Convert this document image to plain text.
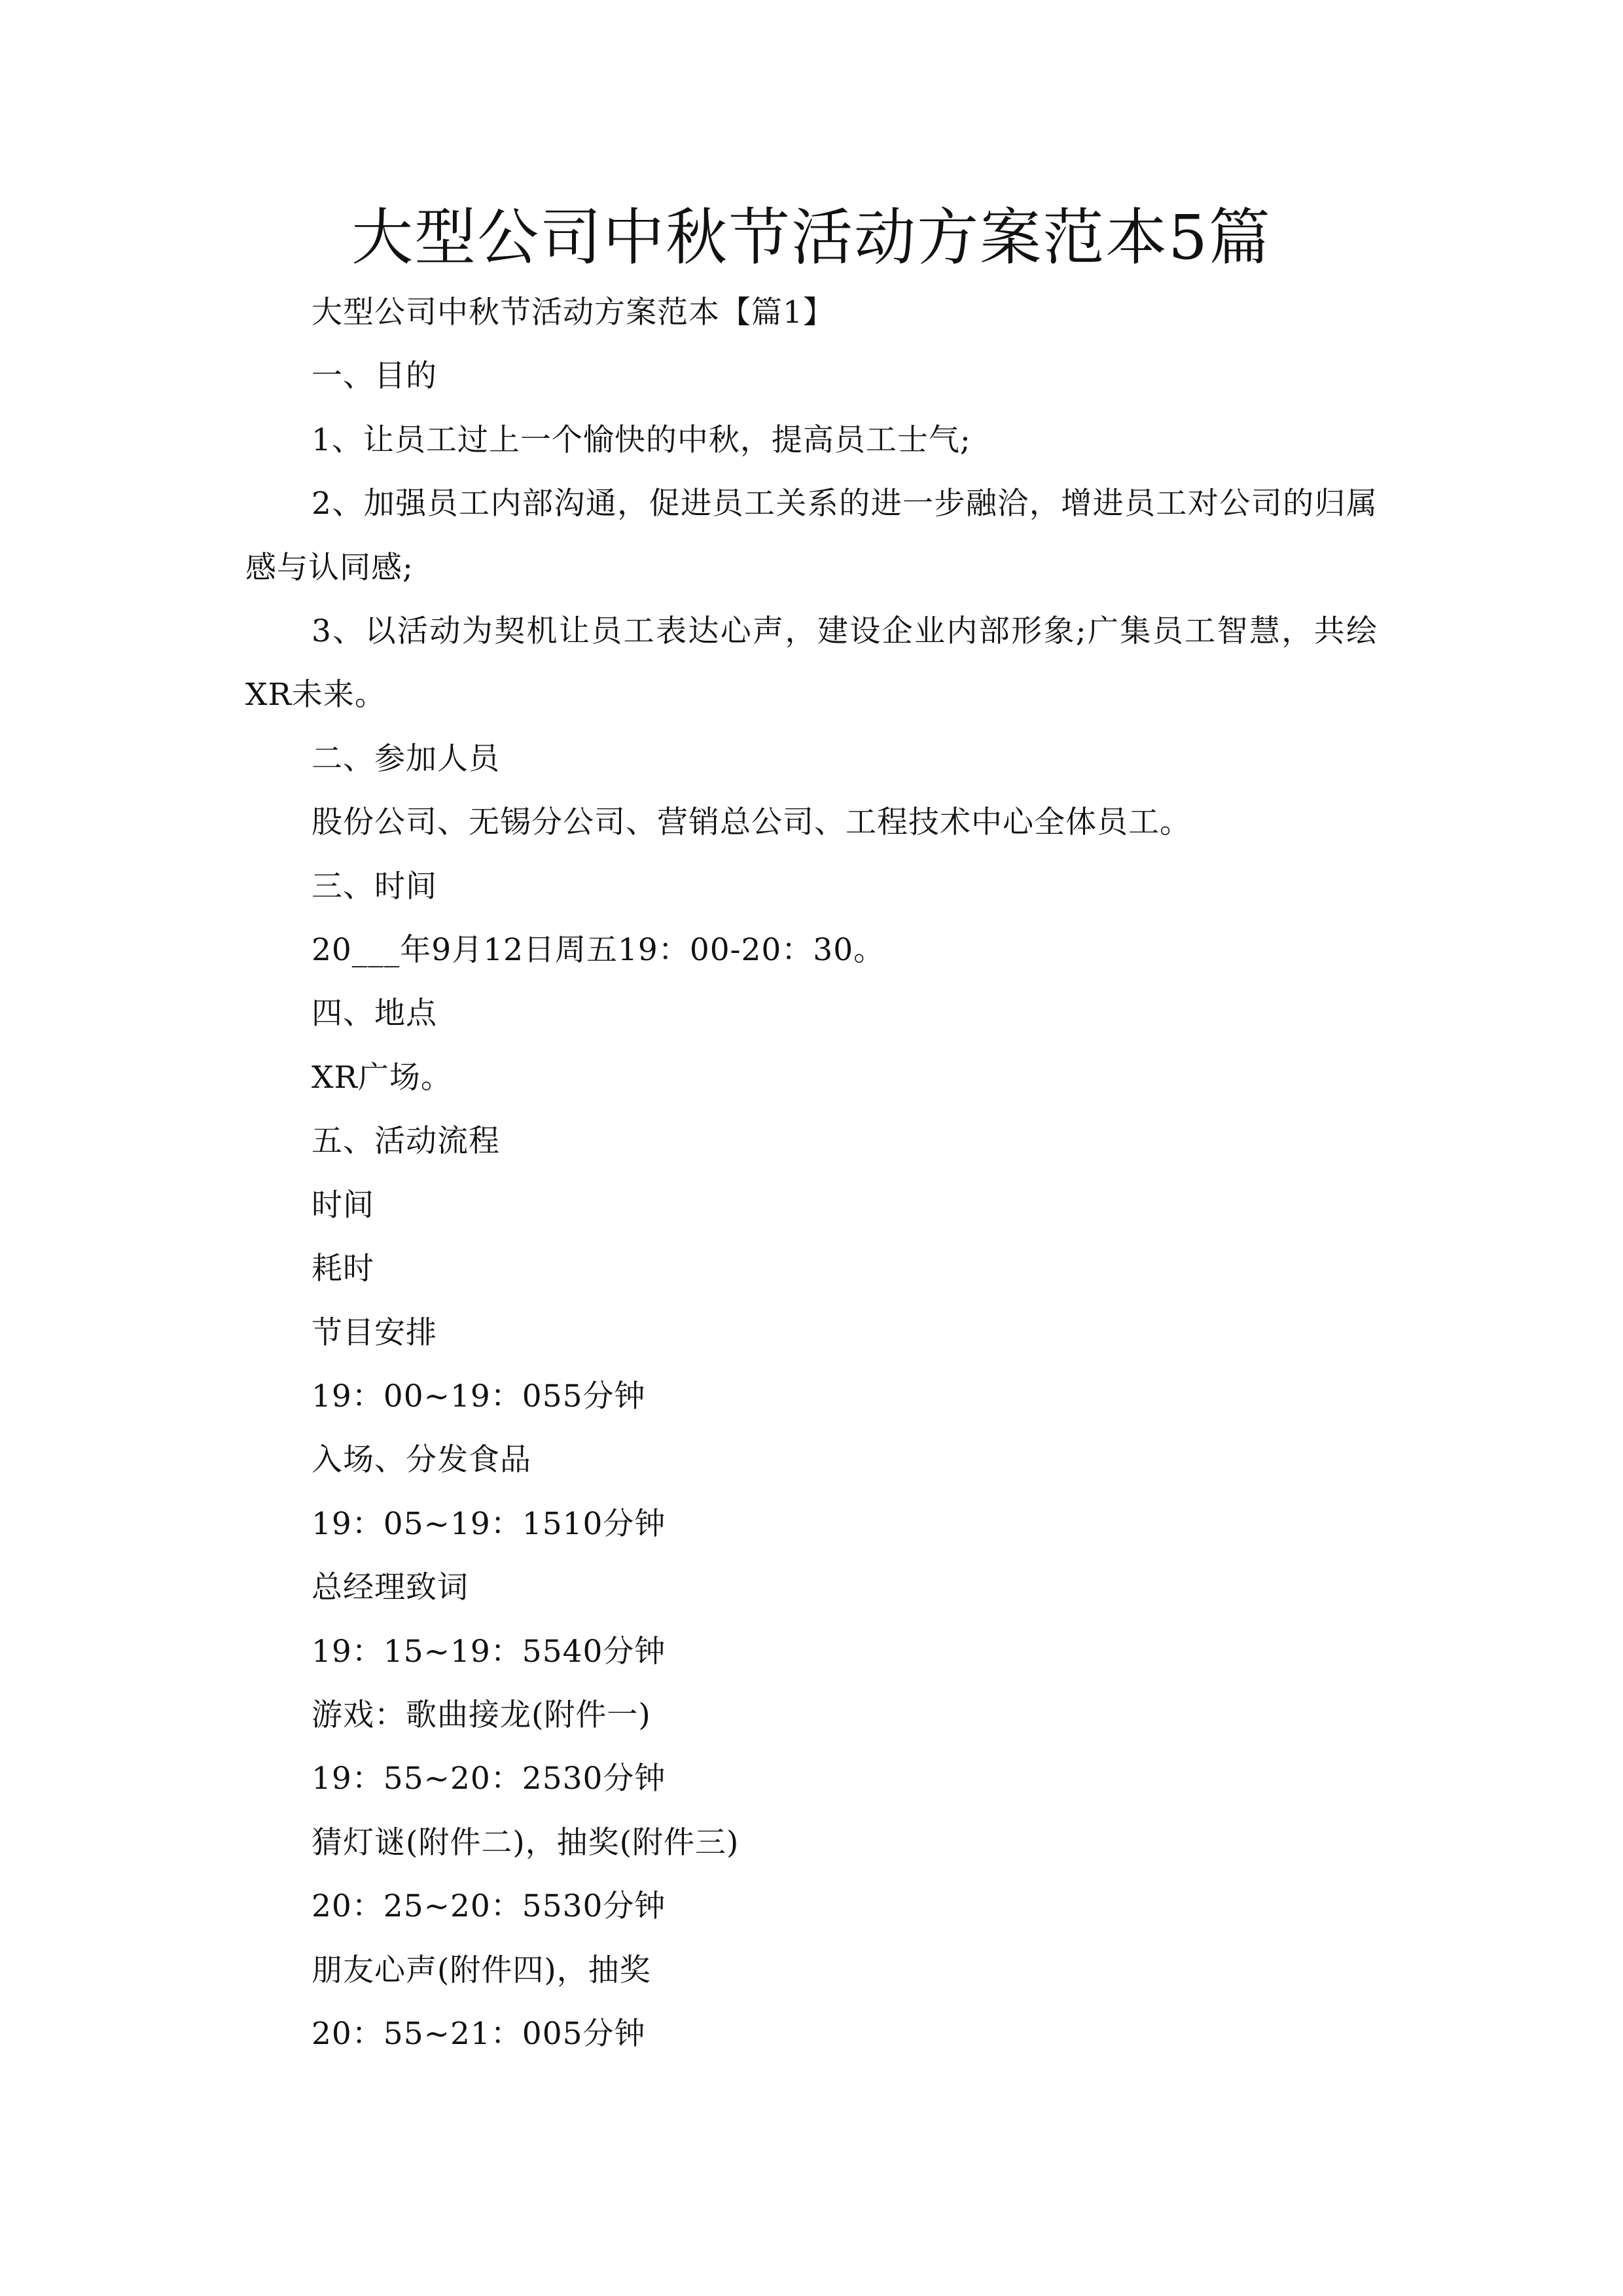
大型公司中秋节活动方案范本5篇

大型公司中秋节活动方案范本【篇1】

一、目的

1、让员工过上一个愉快的中秋，提高员工士气;

2、加强员工内部沟通，促进员工关系的进一步融洽，增进员工对公司的归属感与认同感;

3、以活动为契机让员工表达心声，建设企业内部形象;广集员工智慧，共绘XR未来。

二、参加人员

股份公司、无锡分公司、营销总公司、工程技术中心全体员工。

三、时间

20___年9月12日周五19：00-20：30。

四、地点

XR广场。

五、活动流程

时间

耗时

节目安排

19：00~19：055分钟

入场、分发食品

19：05~19：1510分钟

总经理致词

19：15~19：5540分钟

游戏：歌曲接龙(附件一)

19：55~20：2530分钟

猜灯谜(附件二)，抽奖(附件三)

20：25~20：5530分钟

朋友心声(附件四)，抽奖

20：55~21：005分钟
